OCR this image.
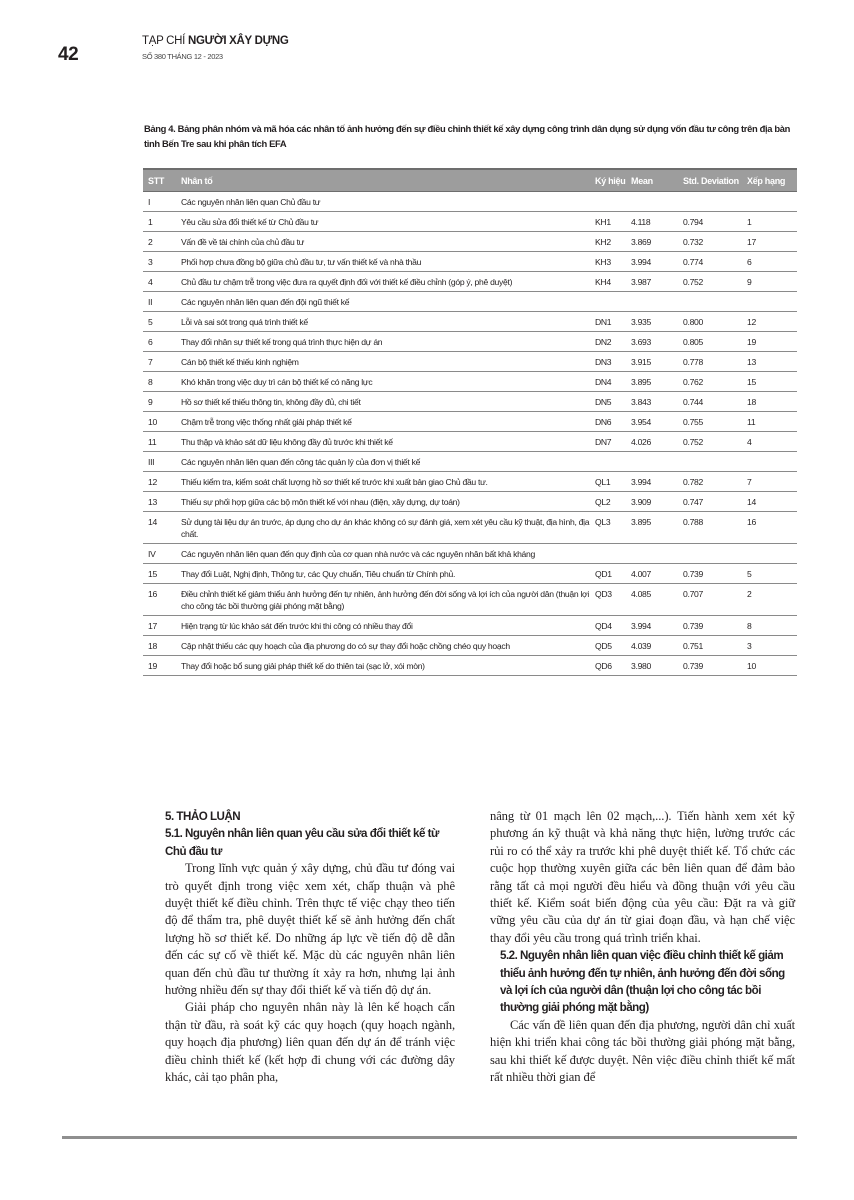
42
TẠP CHÍ NGƯỜI XÂY DỰNG
SỐ 380 THÁNG 12 - 2023
Bảng 4. Bảng phân nhóm và mã hóa các nhân tố ảnh hưởng đến sự điều chỉnh thiết kế xây dựng công trình dân dụng sử dụng vốn đầu tư công trên địa bàn tỉnh Bến Tre sau khi phân tích EFA
STT	Nhân tố	Ký hiệu	Mean	Std. Deviation	Xếp hạng
I	Các nguyên nhân liên quan Chủ đầu tư				
1	Yêu cầu sửa đổi thiết kế từ Chủ đầu tư	KH1	4.118	0.794	1
2	Vấn đề về tài chính của chủ đầu tư	KH2	3.869	0.732	17
3	Phối hợp chưa đồng bộ giữa chủ đầu tư, tư vấn thiết kế và nhà thầu	KH3	3.994	0.774	6
4	Chủ đầu tư chậm trễ trong việc đưa ra quyết định đối với thiết kế điều chỉnh (góp ý, phê duyệt)	KH4	3.987	0.752	9
II	Các nguyên nhân liên quan đến đội ngũ thiết kế				
5	Lỗi và sai sót trong quá trình thiết kế	DN1	3.935	0.800	12
6	Thay đổi nhân sự thiết kế trong quá trình thực hiện dự án	DN2	3.693	0.805	19
7	Cán bộ thiết kế thiếu kinh nghiệm	DN3	3.915	0.778	13
8	Khó khăn trong việc duy trì cán bộ thiết kế có năng lực	DN4	3.895	0.762	15
9	Hồ sơ thiết kế thiếu thông tin, không đầy đủ, chi tiết	DN5	3.843	0.744	18
10	Chậm trễ trong việc thống nhất giải pháp thiết kế	DN6	3.954	0.755	11
11	Thu thập và khảo sát dữ liệu không đầy đủ trước khi thiết kế	DN7	4.026	0.752	4
III	Các nguyên nhân liên quan đến công tác quản lý của đơn vị thiết kế				
12	Thiếu kiểm tra, kiểm soát chất lượng hồ sơ thiết kế trước khi xuất bản giao Chủ đầu tư.	QL1	3.994	0.782	7
13	Thiếu sự phối hợp giữa các bộ môn thiết kế với nhau (điện, xây dựng, dự toán)	QL2	3.909	0.747	14
14	Sử dụng tài liệu dự án trước, áp dụng cho dự án khác không có sự đánh giá, xem xét yêu cầu kỹ thuật, địa hình, địa chất.	QL3	3.895	0.788	16
IV	Các nguyên nhân liên quan đến quy định của cơ quan nhà nước và các nguyên nhân bất khả kháng				
15	Thay đổi Luật, Nghị định, Thông tư, các Quy chuẩn, Tiêu chuẩn từ Chính phủ.	QD1	4.007	0.739	5
16	Điều chỉnh thiết kế giảm thiểu ảnh hưởng đến tự nhiên, ảnh hưởng đến đời sống và lợi ích của người dân (thuận lợi cho công tác bồi thường giải phóng mặt bằng)	QD3	4.085	0.707	2
17	Hiện trạng từ lúc khảo sát đến trước khi thi công có nhiều thay đổi	QD4	3.994	0.739	8
18	Cập nhật thiếu các quy hoạch của địa phương do có sự thay đổi hoặc chồng chéo quy hoạch	QD5	4.039	0.751	3
19	Thay đổi hoặc bổ sung giải pháp thiết kế do thiên tai (sạc lở, xói mòn)	QD6	3.980	0.739	10
5. THẢO LUẬN
5.1. Nguyên nhân liên quan yêu cầu sửa đổi thiết kế từ Chủ đầu tư

Trong lĩnh vực quản ý xây dựng, chủ đầu tư đóng vai trò quyết định trong việc xem xét, chấp thuận và phê duyệt thiết kế điều chỉnh. Trên thực tế việc chạy theo tiến độ để thẩm tra, phê duyệt thiết kế sẽ ảnh hưởng đến chất lượng hồ sơ thiết kế. Do những áp lực về tiến độ dễ dẫn đến các sự cố về thiết kế. Mặc dù các nguyên nhân liên quan đến chủ đầu tư thường ít xảy ra hơn, nhưng lại ảnh hưởng nhiều đến sự thay đổi thiết kế và tiến độ dự án.

Giải pháp cho nguyên nhân này là lên kế hoạch cẩn thận từ đầu, rà soát kỹ các quy hoạch (quy hoạch ngành, quy hoạch địa phương) liên quan đến dự án để tránh việc điều chỉnh thiết kế (kết hợp đi chung với các đường dây khác, cải tạo phân pha,

nâng từ 01 mạch lên 02 mạch,...). Tiến hành xem xét kỹ phương án kỹ thuật và khả năng thực hiện, lường trước các rủi ro có thể xảy ra trước khi phê duyệt thiết kế. Tổ chức các cuộc họp thường xuyên giữa các bên liên quan để đảm bảo rằng tất cả mọi người đều hiểu và đồng thuận với yêu cầu thiết kế. Kiểm soát biến động của yêu cầu: Đặt ra và giữ vững yêu cầu của dự án từ giai đoạn đầu, và hạn chế việc thay đổi yêu cầu trong quá trình triển khai.

5.2. Nguyên nhân liên quan việc điều chỉnh thiết kế giảm thiểu ảnh hưởng đến tự nhiên, ảnh hưởng đến đời sống và lợi ích của người dân (thuận lợi cho công tác bồi thường giải phóng mặt bằng)

Các vấn đề liên quan đến địa phương, người dân chỉ xuất hiện khi triển khai công tác bồi thường giải phóng mặt bằng, sau khi thiết kế được duyệt. Nên việc điều chỉnh thiết kế mất rất nhiều thời gian để
